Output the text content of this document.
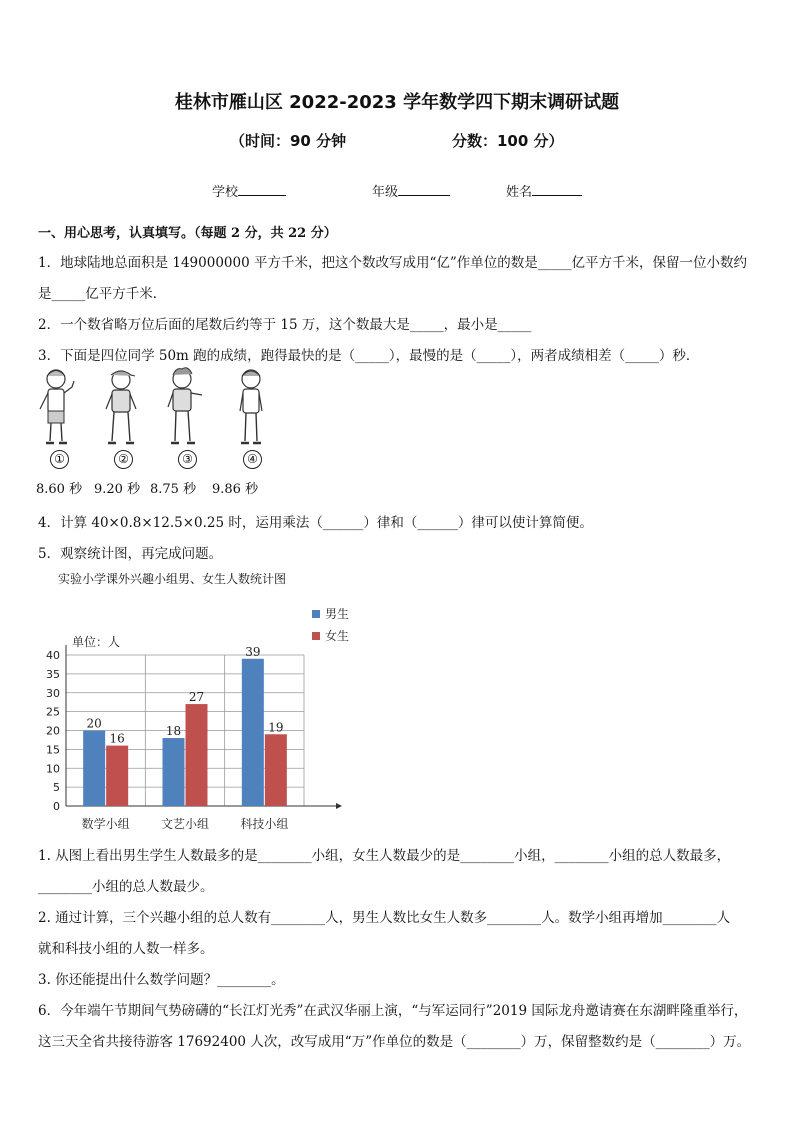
桂林市雁山区 2022-2023 学年数学四下期末调研试题
（时间：90 分钟	分数：100 分）
学校	年级	姓名
一、用心思考，认真填写。（每题 2 分，共 22 分）
1．地球陆地总面积是 149000000 平方千米，把这个数改写成用“亿”作单位的数是_____亿平方千米，保留一位小数约
是_____亿平方千米．
2．一个数省略万位后面的尾数后约等于 15 万，这个数最大是_____，最小是_____
3．下面是四位同学 50m 跑的成绩，跑得最快的是（_____），最慢的是（_____），两者成绩相差（_____）秒．
①	②	③	④
8.60 秒 9.20 秒 8.75 秒 9.86 秒
4．计算 40×0.8×12.5×0.25 时，运用乘法（______）律和（______）律可以使计算简便。
5．观察统计图，再完成问题。
实验小学课外兴趣小组男、女生人数统计图
0
5
10
15
20
25
30
35
40
20
16
数学小组
18
27
文艺小组
39
19
科技小组
男生
女生
单位：人
1. 从图上看出男生学生人数最多的是________小组，女生人数最少的是________小组，________小组的总人数最多，
________小组的总人数最少。
2. 通过计算，三个兴趣小组的总人数有________人，男生人数比女生人数多________人。数学小组再增加________人
就和科技小组的人数一样多。
3. 你还能提出什么数学问题？________。
6．今年端午节期间气势磅礴的“长江灯光秀”在武汉华丽上演，“与军运同行”2019 国际龙舟邀请赛在东湖畔隆重举行，
这三天全省共接待游客 17692400 人次，改写成用“万”作单位的数是（________）万，保留整数约是（________）万。
